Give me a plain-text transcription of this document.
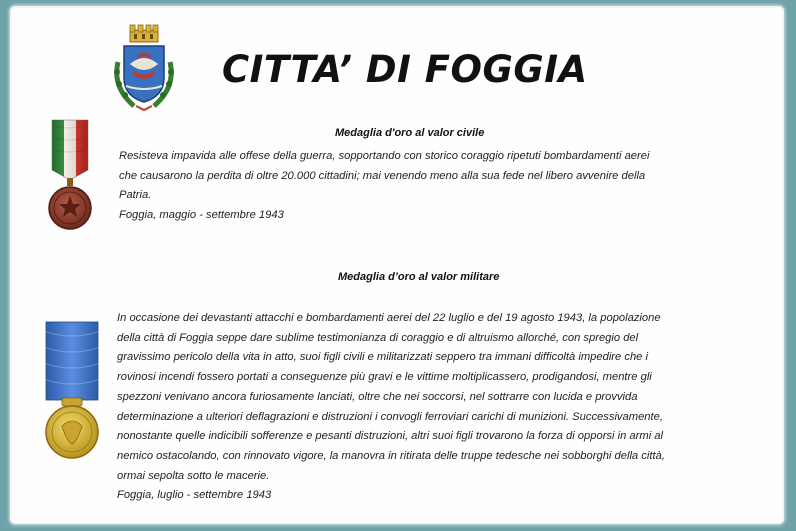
CITTA’ DI FOGGIA
Medaglia d'oro al valor civile
Resisteva impavida alle offese della guerra, sopportando con storico coraggio ripetuti bombardamenti aerei
che causarono la perdita di oltre 20.000 cittadini; mai venendo meno alla sua fede nel libero avvenire della
Patria.
Foggia, maggio - settembre 1943
Medaglia d’oro al valor militare
In occasione dei devastanti attacchi e bombardamenti aerei del 22 luglio e del 19 agosto 1943, la popolazione
della città di Foggia seppe dare sublime testimonianza di coraggio e di altruismo allorché, con spregio del
gravissimo pericolo della vita in atto, suoi figli civili e militarizzati seppero tra immani difficoltà impedire che i
rovinosi incendi fossero portati a conseguenze più gravi e le vittime moltiplicassero, prodigandosi, mentre gli
spezzoni venivano ancora furiosamente lanciati, oltre che nei soccorsi, nel sottrarre con lucida e provvida
determinazione a ulteriori deflagrazioni e distruzioni i convogli ferroviari carichi di munizioni. Successivamente,
nonostante quelle indicibili sofferenze e pesanti distruzioni, altri suoi figli trovarono la forza di opporsi in armi al
nemico ostacolando, con rinnovato vigore, la manovra in ritirata delle truppe tedesche nei sobborghi della città,
ormai sepolta sotto le macerie.
Foggia, luglio - settembre 1943
